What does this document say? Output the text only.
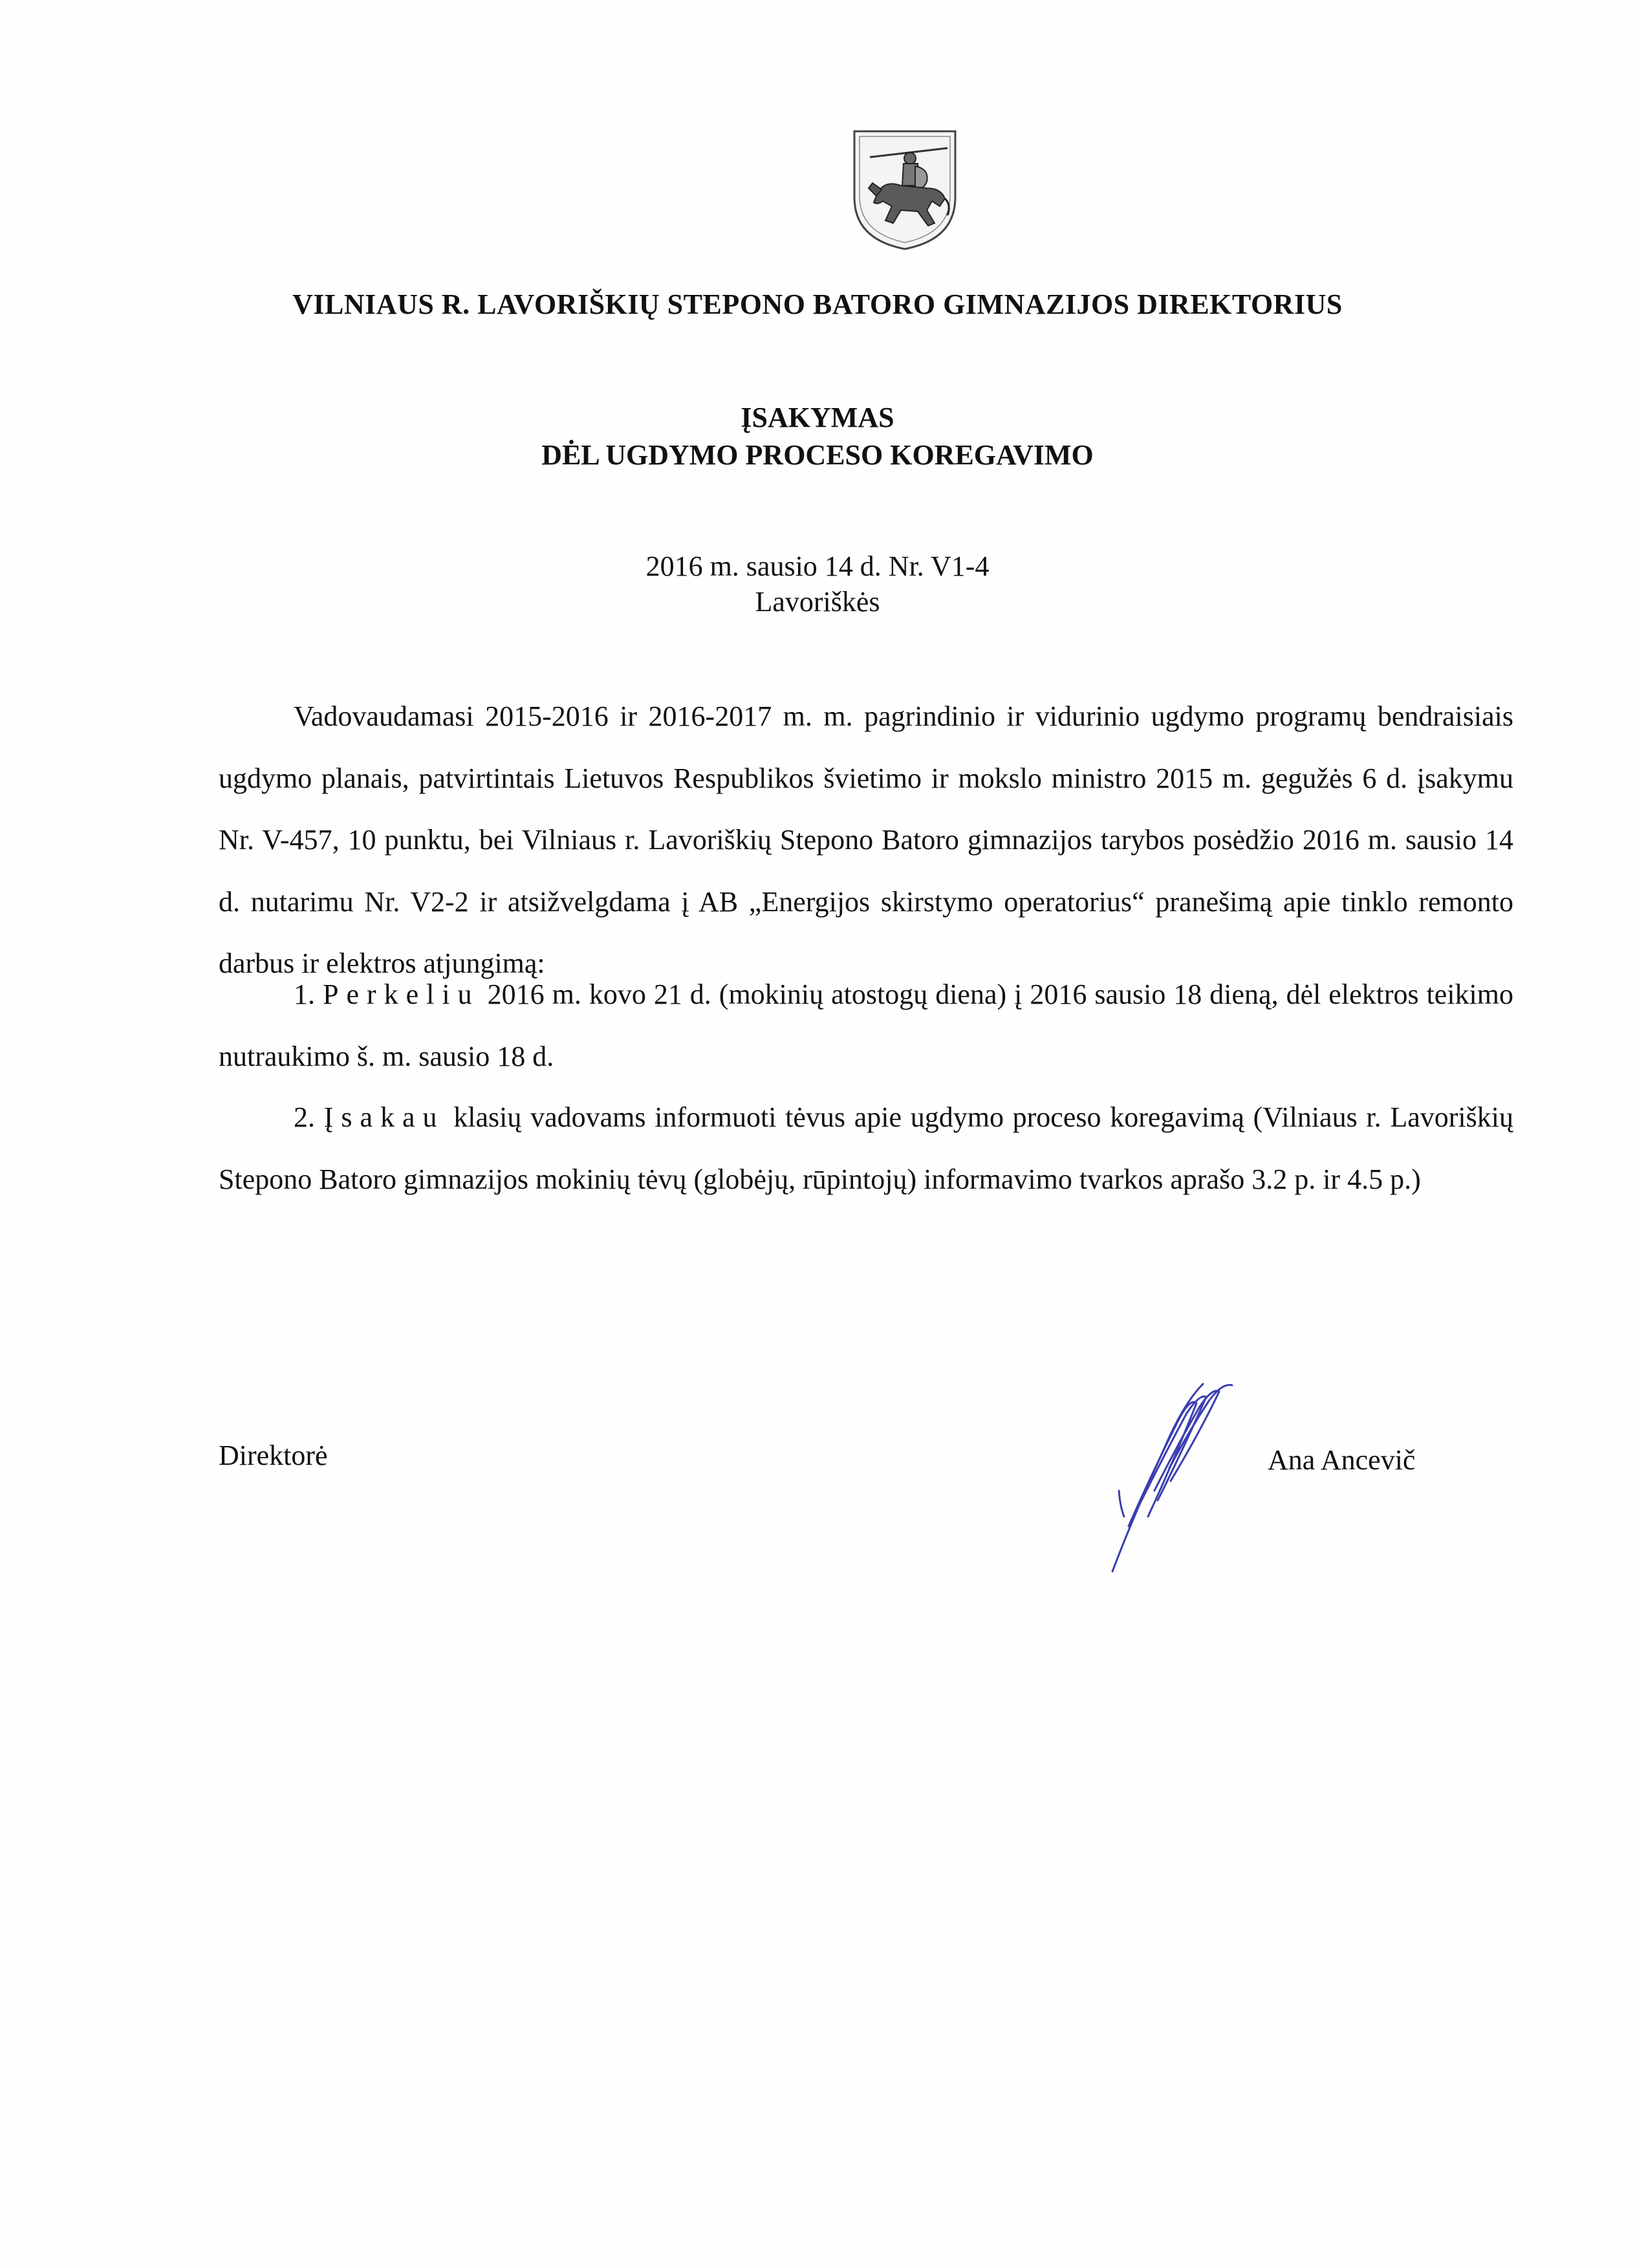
VILNIAUS R. LAVORIŠKIŲ STEPONO BATORO GIMNAZIJOS DIREKTORIUS
ĮSAKYMAS
DĖL UGDYMO PROCESO KOREGAVIMO
2016 m. sausio 14 d. Nr. V1-4
Lavoriškės

Vadovaudamasi 2015-2016 ir 2016-2017 m. m. pagrindinio ir vidurinio ugdymo programų bendraisiais ugdymo planais, patvirtintais Lietuvos Respublikos švietimo ir mokslo ministro 2015 m. gegužės 6 d. įsakymu Nr. V-457, 10 punktu, bei Vilniaus r. Lavoriškių Stepono Batoro gimnazijos tarybos posėdžio 2016 m. sausio 14 d. nutarimu Nr. V2-2 ir atsižvelgdama į AB „Energijos skirstymo operatorius“ pranešimą apie tinklo remonto darbus ir elektros atjungimą:

1. Perkeliu 2016 m. kovo 21 d. (mokinių atostogų diena) į 2016 sausio 18 dieną, dėl elektros teikimo nutraukimo š. m. sausio 18 d.

2. Įsakau klasių vadovams informuoti tėvus apie ugdymo proceso koregavimą (Vilniaus r. Lavoriškių Stepono Batoro gimnazijos mokinių tėvų (globėjų, rūpintojų) informavimo tvarkos aprašo 3.2 p. ir 4.5 p.)

Direktorė	Ana Ancevič
